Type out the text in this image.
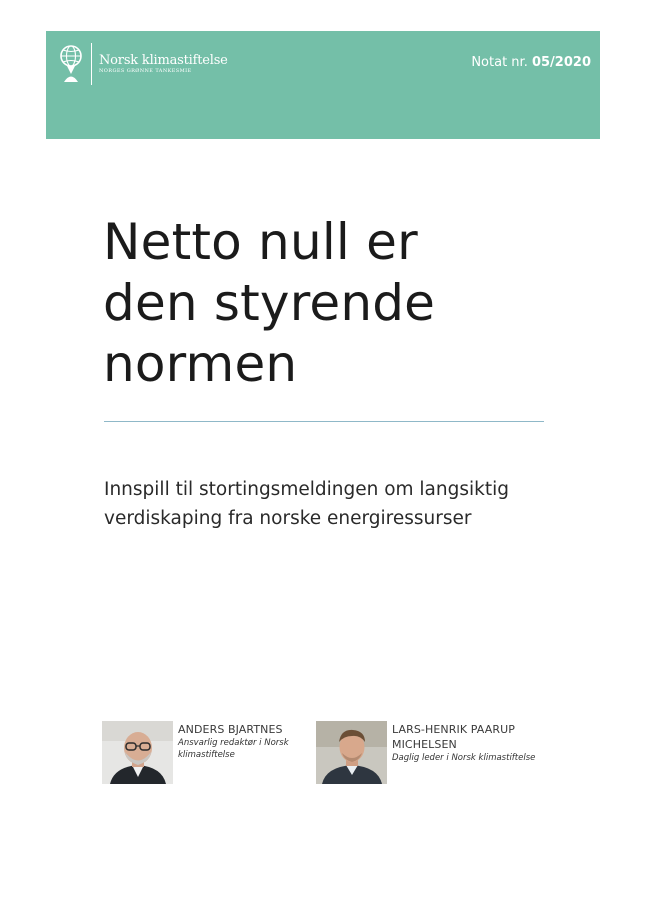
Norsk klimastiftelse
NORGES GRØNNE TANKESMIE
Notat nr. 05/2020
Netto null er
den styrende
normen

Innspill til stortingsmeldingen om langsiktig
verdiskaping fra norske energiressurser

ANDERS BJARTNES
Ansvarlig redaktør i Norsk klimastiftelse
LARS-HENRIK PAARUP
MICHELSEN
Daglig leder i Norsk klimastiftelse
